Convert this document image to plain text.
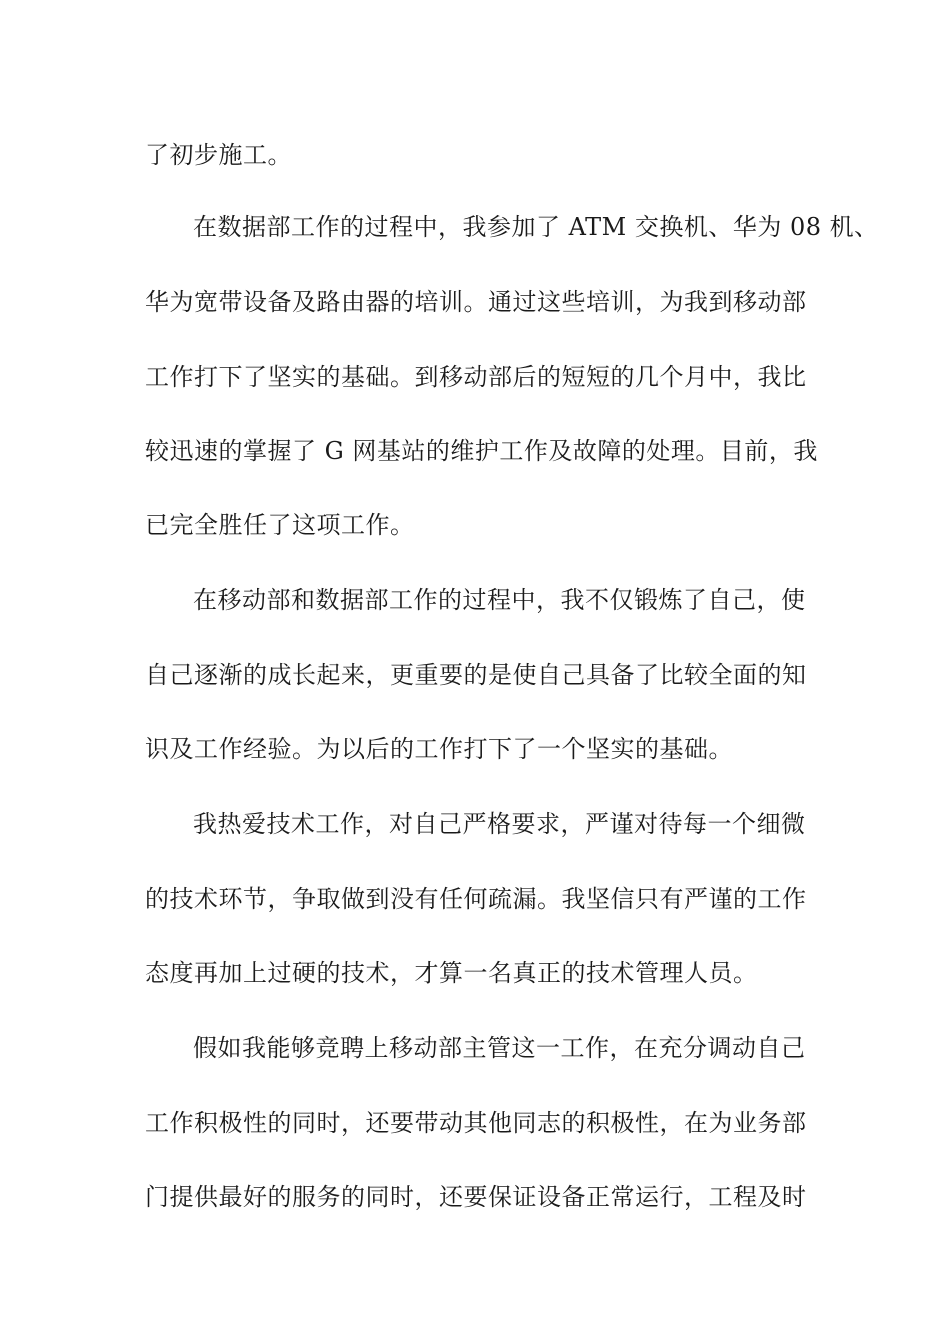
了初步施工。
在数据部工作的过程中，我参加了 ATM 交换机、华为 08 机、
华为宽带设备及路由器的培训。通过这些培训，为我到移动部
工作打下了坚实的基础。到移动部后的短短的几个月中，我比
较迅速的掌握了 G 网基站的维护工作及故障的处理。目前，我
已完全胜任了这项工作。
在移动部和数据部工作的过程中，我不仅锻炼了自己，使
自己逐渐的成长起来，更重要的是使自己具备了比较全面的知
识及工作经验。为以后的工作打下了一个坚实的基础。
我热爱技术工作，对自己严格要求，严谨对待每一个细微
的技术环节，争取做到没有任何疏漏。我坚信只有严谨的工作
态度再加上过硬的技术，才算一名真正的技术管理人员。
假如我能够竞聘上移动部主管这一工作，在充分调动自己
工作积极性的同时，还要带动其他同志的积极性，在为业务部
门提供最好的服务的同时，还要保证设备正常运行，工程及时
